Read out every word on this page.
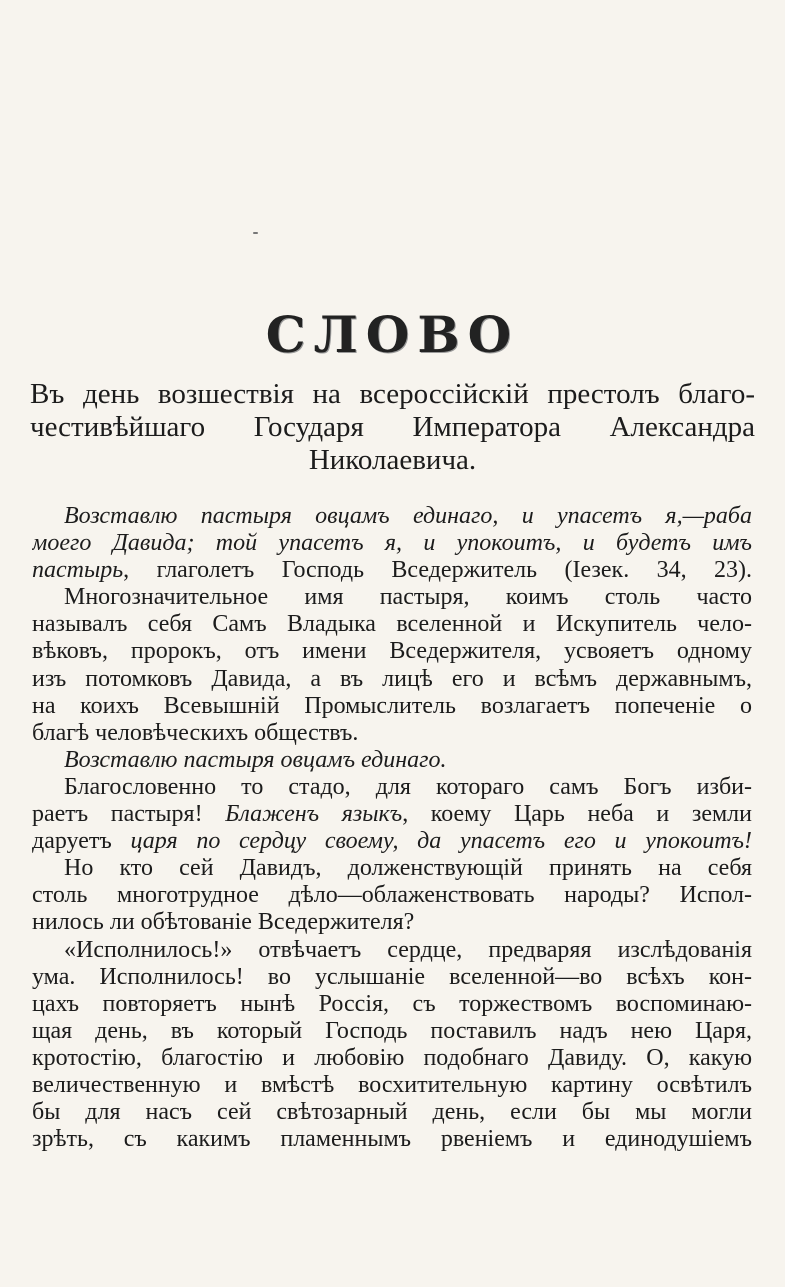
СЛОВО
Въ день возшествія на всероссійскій престолъ благо-
честивѣйшаго Государя Императора Александра
Николаевича.
Возставлю пастыря овцамъ единаго, и упасетъ я,—раба
моего Давида; той упасетъ я, и упокоитъ, и будетъ имъ
пастырь, глаголетъ Господь Вседержитель (Іезек. 34, 23).
Многозначительное имя пастыря, коимъ столь часто
называлъ себя Самъ Владыка вселенной и Искупитель чело-
вѣковъ, пророкъ, отъ имени Вседержителя, усвояетъ одному
изъ потомковъ Давида, а въ лицѣ его и всѣмъ державнымъ,
на коихъ Всевышній Промыслитель возлагаетъ попеченіе о
благѣ человѣческихъ обществъ.
Возставлю пастыря овцамъ единаго.
Благословенно то стадо, для котораго самъ Богъ изби-
раетъ пастыря! Блаженъ языкъ, коему Царь неба и земли
даруетъ царя по сердцу своему, да упасетъ его и упокоитъ!
Но кто сей Давидъ, долженствующій принять на себя
столь многотрудное дѣло—облаженствовать народы? Испол-
нилось ли обѣтованіе Вседержителя?
«Исполнилось!» отвѣчаетъ сердце, предваряя изслѣдованія
ума. Исполнилось! во услышаніе вселенной—во всѣхъ кон-
цахъ повторяетъ нынѣ Россія, съ торжествомъ воспоминаю-
щая день, въ который Господь поставилъ надъ нею Царя,
кротостію, благостію и любовію подобнаго Давиду. О, какую
величественную и вмѣстѣ восхитительную картину освѣтилъ
бы для насъ сей свѣтозарный день, если бы мы могли
зрѣть, съ какимъ пламеннымъ рвеніемъ и единодушіемъ
